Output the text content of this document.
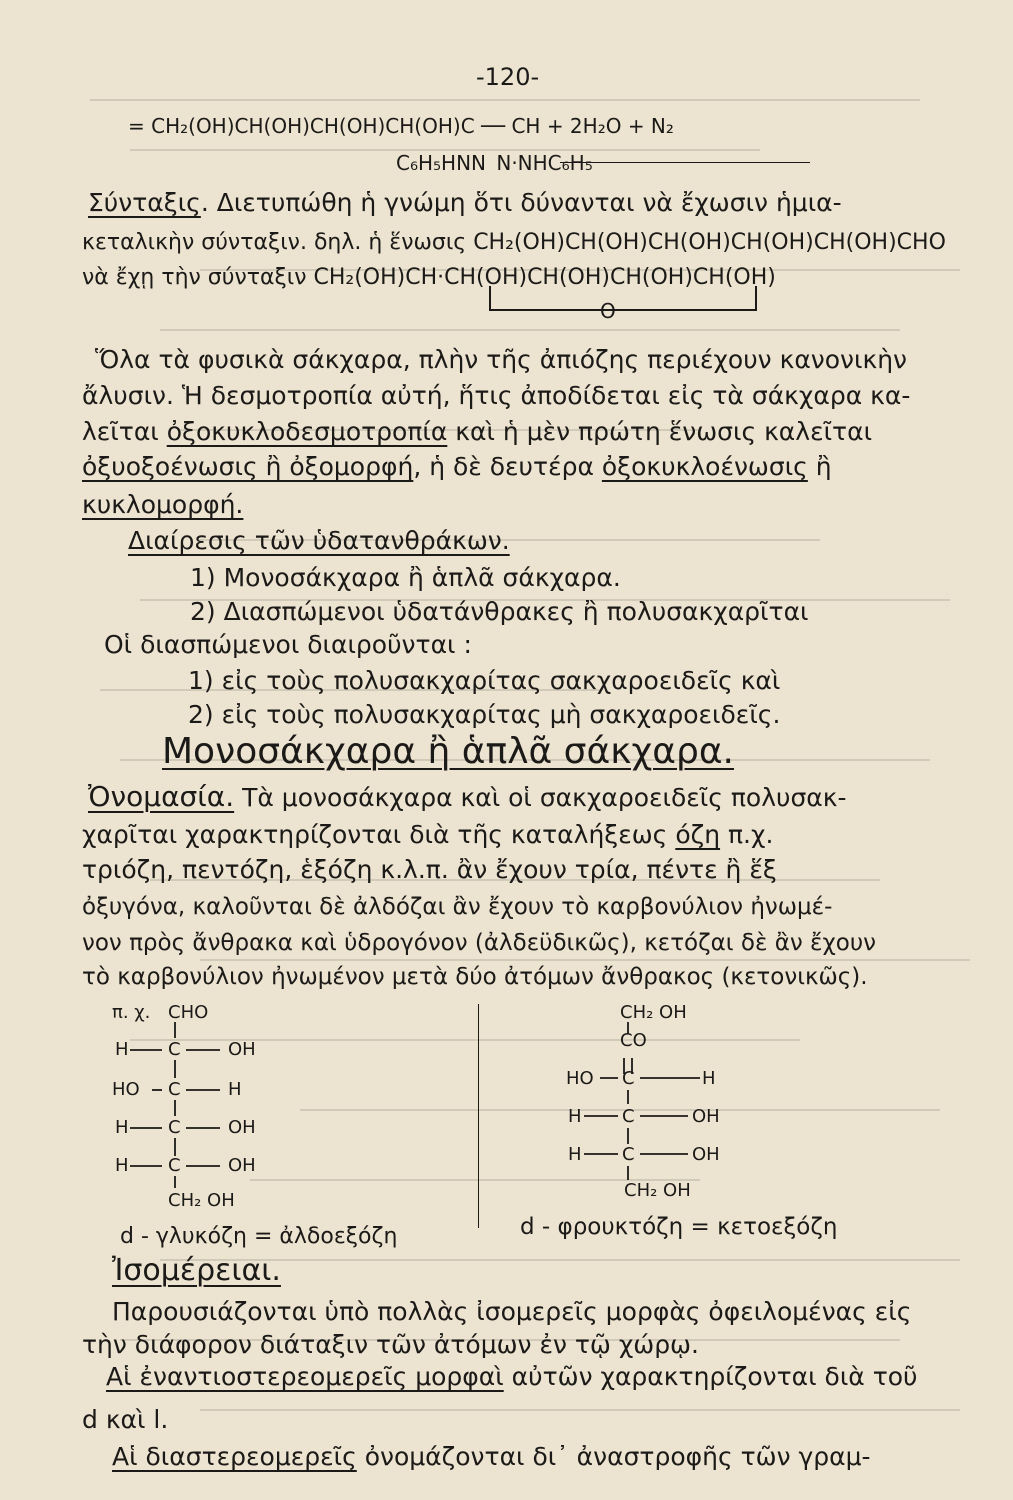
-120-
= CH₂(OH)CH(OH)CH(OH)CH(OH)C ── CH + 2H₂O + N₂
C₆H₅HNN N·NHC₆H₅
Σύνταξις. Διετυπώθη ἡ γνώμη ὅτι δύνανται νὰ ἔχωσιν ἡμια-
κεταλικὴν σύνταξιν. δηλ. ἡ ἕνωσις CH₂(OH)CH(OH)CH(OH)CH(OH)CH(OH)CHO
νὰ ἔχῃ τὴν σύνταξιν CH₂(OH)CH·CH(OH)CH(OH)CH(OH)CH(OH)
O
Ὅλα τὰ φυσικὰ σάκχαρα, πλὴν τῆς ἀπιόζης περιέχουν κανονικὴν
ἄλυσιν. Ἡ δεσμοτροπία αὐτή, ἥτις ἀποδίδεται εἰς τὰ σάκχαρα κα-
λεῖται ὀξοκυκλοδεσμοτροπία καὶ ἡ μὲν πρώτη ἕνωσις καλεῖται
ὀξυοξοένωσις ἢ ὀξομορφή, ἡ δὲ δευτέρα ὀξοκυκλοένωσις ἢ
κυκλομορφή.
Διαίρεσις τῶν ὑδατανθράκων.
1) Μονοσάκχαρα ἢ ἁπλᾶ σάκχαρα.
2) Διασπώμενοι ὑδατάνθρακες ἢ πολυσακχαρῖται
Οἱ διασπώμενοι διαιροῦνται :
1) εἰς τοὺς πολυσακχαρίτας σακχαροειδεῖς καὶ
2) εἰς τοὺς πολυσακχαρίτας μὴ σακχαροειδεῖς.
Μονοσάκχαρα ἢ ἁπλᾶ σάκχαρα.
Ὀνομασία. Τὰ μονοσάκχαρα καὶ οἱ σακχαροειδεῖς πολυσακ-
χαρῖται χαρακτηρίζονται διὰ τῆς καταλήξεως όζη π.χ.
τριόζη, πεντόζη, ἑξόζη κ.λ.π. ἂν ἔχουν τρία, πέντε ἢ ἕξ
ὀξυγόνα, καλοῦνται δὲ ἀλδόζαι ἂν ἔχουν τὸ καρβονύλιον ἠνωμέ-
νον πρὸς ἄνθρακα καὶ ὑδρογόνον (ἀλδεϋδικῶς), κετόζαι δὲ ἂν ἔχουν
τὸ καρβονύλιον ἠνωμένον μετὰ δύο ἀτόμων ἄνθρακος (κετονικῶς).
π. χ. CHO
H C	OH
HO C	H
H C	OH
H C	OH
CH₂ OH
d - γλυκόζη = ἀλδοεξόζη
CH₂ OH
CO
HO C	H
H C	OH
H C	OH
CH₂ OH
d - φρουκτόζη = κετοεξόζη
Ἰσομέρειαι.
Παρουσιάζονται ὑπὸ πολλὰς ἰσομερεῖς μορφὰς ὀφειλομένας εἰς
τὴν διάφορον διάταξιν τῶν ἀτόμων ἐν τῷ χώρῳ.
Αἱ ἐναντιοστερεομερεῖς μορφαὶ αὐτῶν χαρακτηρίζονται διὰ τοῦ
d καὶ l.
Αἱ διαστερεομερεῖς ὀνομάζονται δι᾽ ἀναστροφῆς τῶν γραμ-
